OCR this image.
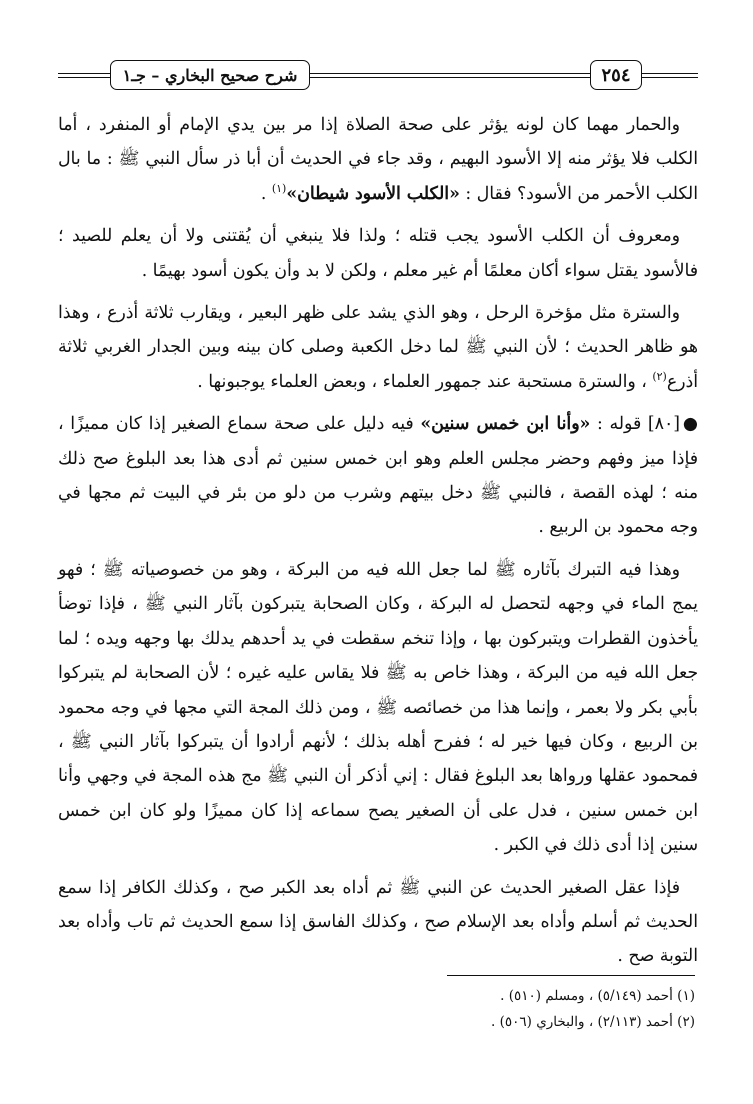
٢٥٤
شرح صحيح البخاري – جـ١

والحمار مهما كان لونه يؤثر على صحة الصلاة إذا مر بين يدي الإمام أو المنفرد ، أما الكلب فلا يؤثر منه إلا الأسود البهيم ، وقد جاء في الحديث أن أبا ذر سأل النبي ﷺ : ما بال الكلب الأحمر من الأسود؟ فقال : «الكلب الأسود شيطان»$^{(١)}$ .

ومعروف أن الكلب الأسود يجب قتله ؛ ولذا فلا ينبغي أن يُقتنى ولا أن يعلم للصيد ؛ فالأسود يقتل سواء أكان معلمًا أم غير معلم ، ولكن لا بد وأن يكون أسود بهيمًا .

والسترة مثل مؤخرة الرحل ، وهو الذي يشد على ظهر البعير ، ويقارب ثلاثة أذرع ، وهذا هو ظاهر الحديث ؛ لأن النبي ﷺ لما دخل الكعبة وصلى كان بينه وبين الجدار الغربي ثلاثة أذرع$^{(٢)}$ ، والسترة مستحبة عند جمهور العلماء ، وبعض العلماء يوجبونها .

●[٨٠] قوله : «وأنا ابن خمس سنين» فيه دليل على صحة سماع الصغير إذا كان مميزًا ، فإذا ميز وفهم وحضر مجلس العلم وهو ابن خمس سنين ثم أدى هذا بعد البلوغ صح ذلك منه ؛ لهذه القصة ، فالنبي ﷺ دخل بيتهم وشرب من دلو من بئر في البيت ثم مجها في وجه محمود بن الربيع .

وهذا فيه التبرك بآثاره ﷺ لما جعل الله فيه من البركة ، وهو من خصوصياته ﷺ ؛ فهو يمج الماء في وجهه لتحصل له البركة ، وكان الصحابة يتبركون بآثار النبي ﷺ ، فإذا توضأ يأخذون القطرات ويتبركون بها ، وإذا تنخم سقطت في يد أحدهم يدلك بها وجهه ويده ؛ لما جعل الله فيه من البركة ، وهذا خاص به ﷺ فلا يقاس عليه غيره ؛ لأن الصحابة لم يتبركوا بأبي بكر ولا بعمر ، وإنما هذا من خصائصه ﷺ ، ومن ذلك المجة التي مجها في وجه محمود بن الربيع ، وكان فيها خير له ؛ ففرح أهله بذلك ؛ لأنهم أرادوا أن يتبركوا بآثار النبي ﷺ ، فمحمود عقلها ورواها بعد البلوغ فقال : إني أذكر أن النبي ﷺ مج هذه المجة في وجهي وأنا ابن خمس سنين ، فدل على أن الصغير يصح سماعه إذا كان مميزًا ولو كان ابن خمس سنين إذا أدى ذلك في الكبر .

فإذا عقل الصغير الحديث عن النبي ﷺ ثم أداه بعد الكبر صح ، وكذلك الكافر إذا سمع الحديث ثم أسلم وأداه بعد الإسلام صح ، وكذلك الفاسق إذا سمع الحديث ثم تاب وأداه بعد التوبة صح .

(١) أحمد (٥/١٤٩) ، ومسلم (٥١٠) .
(٢) أحمد (٢/١١٣) ، والبخاري (٥٠٦) .
